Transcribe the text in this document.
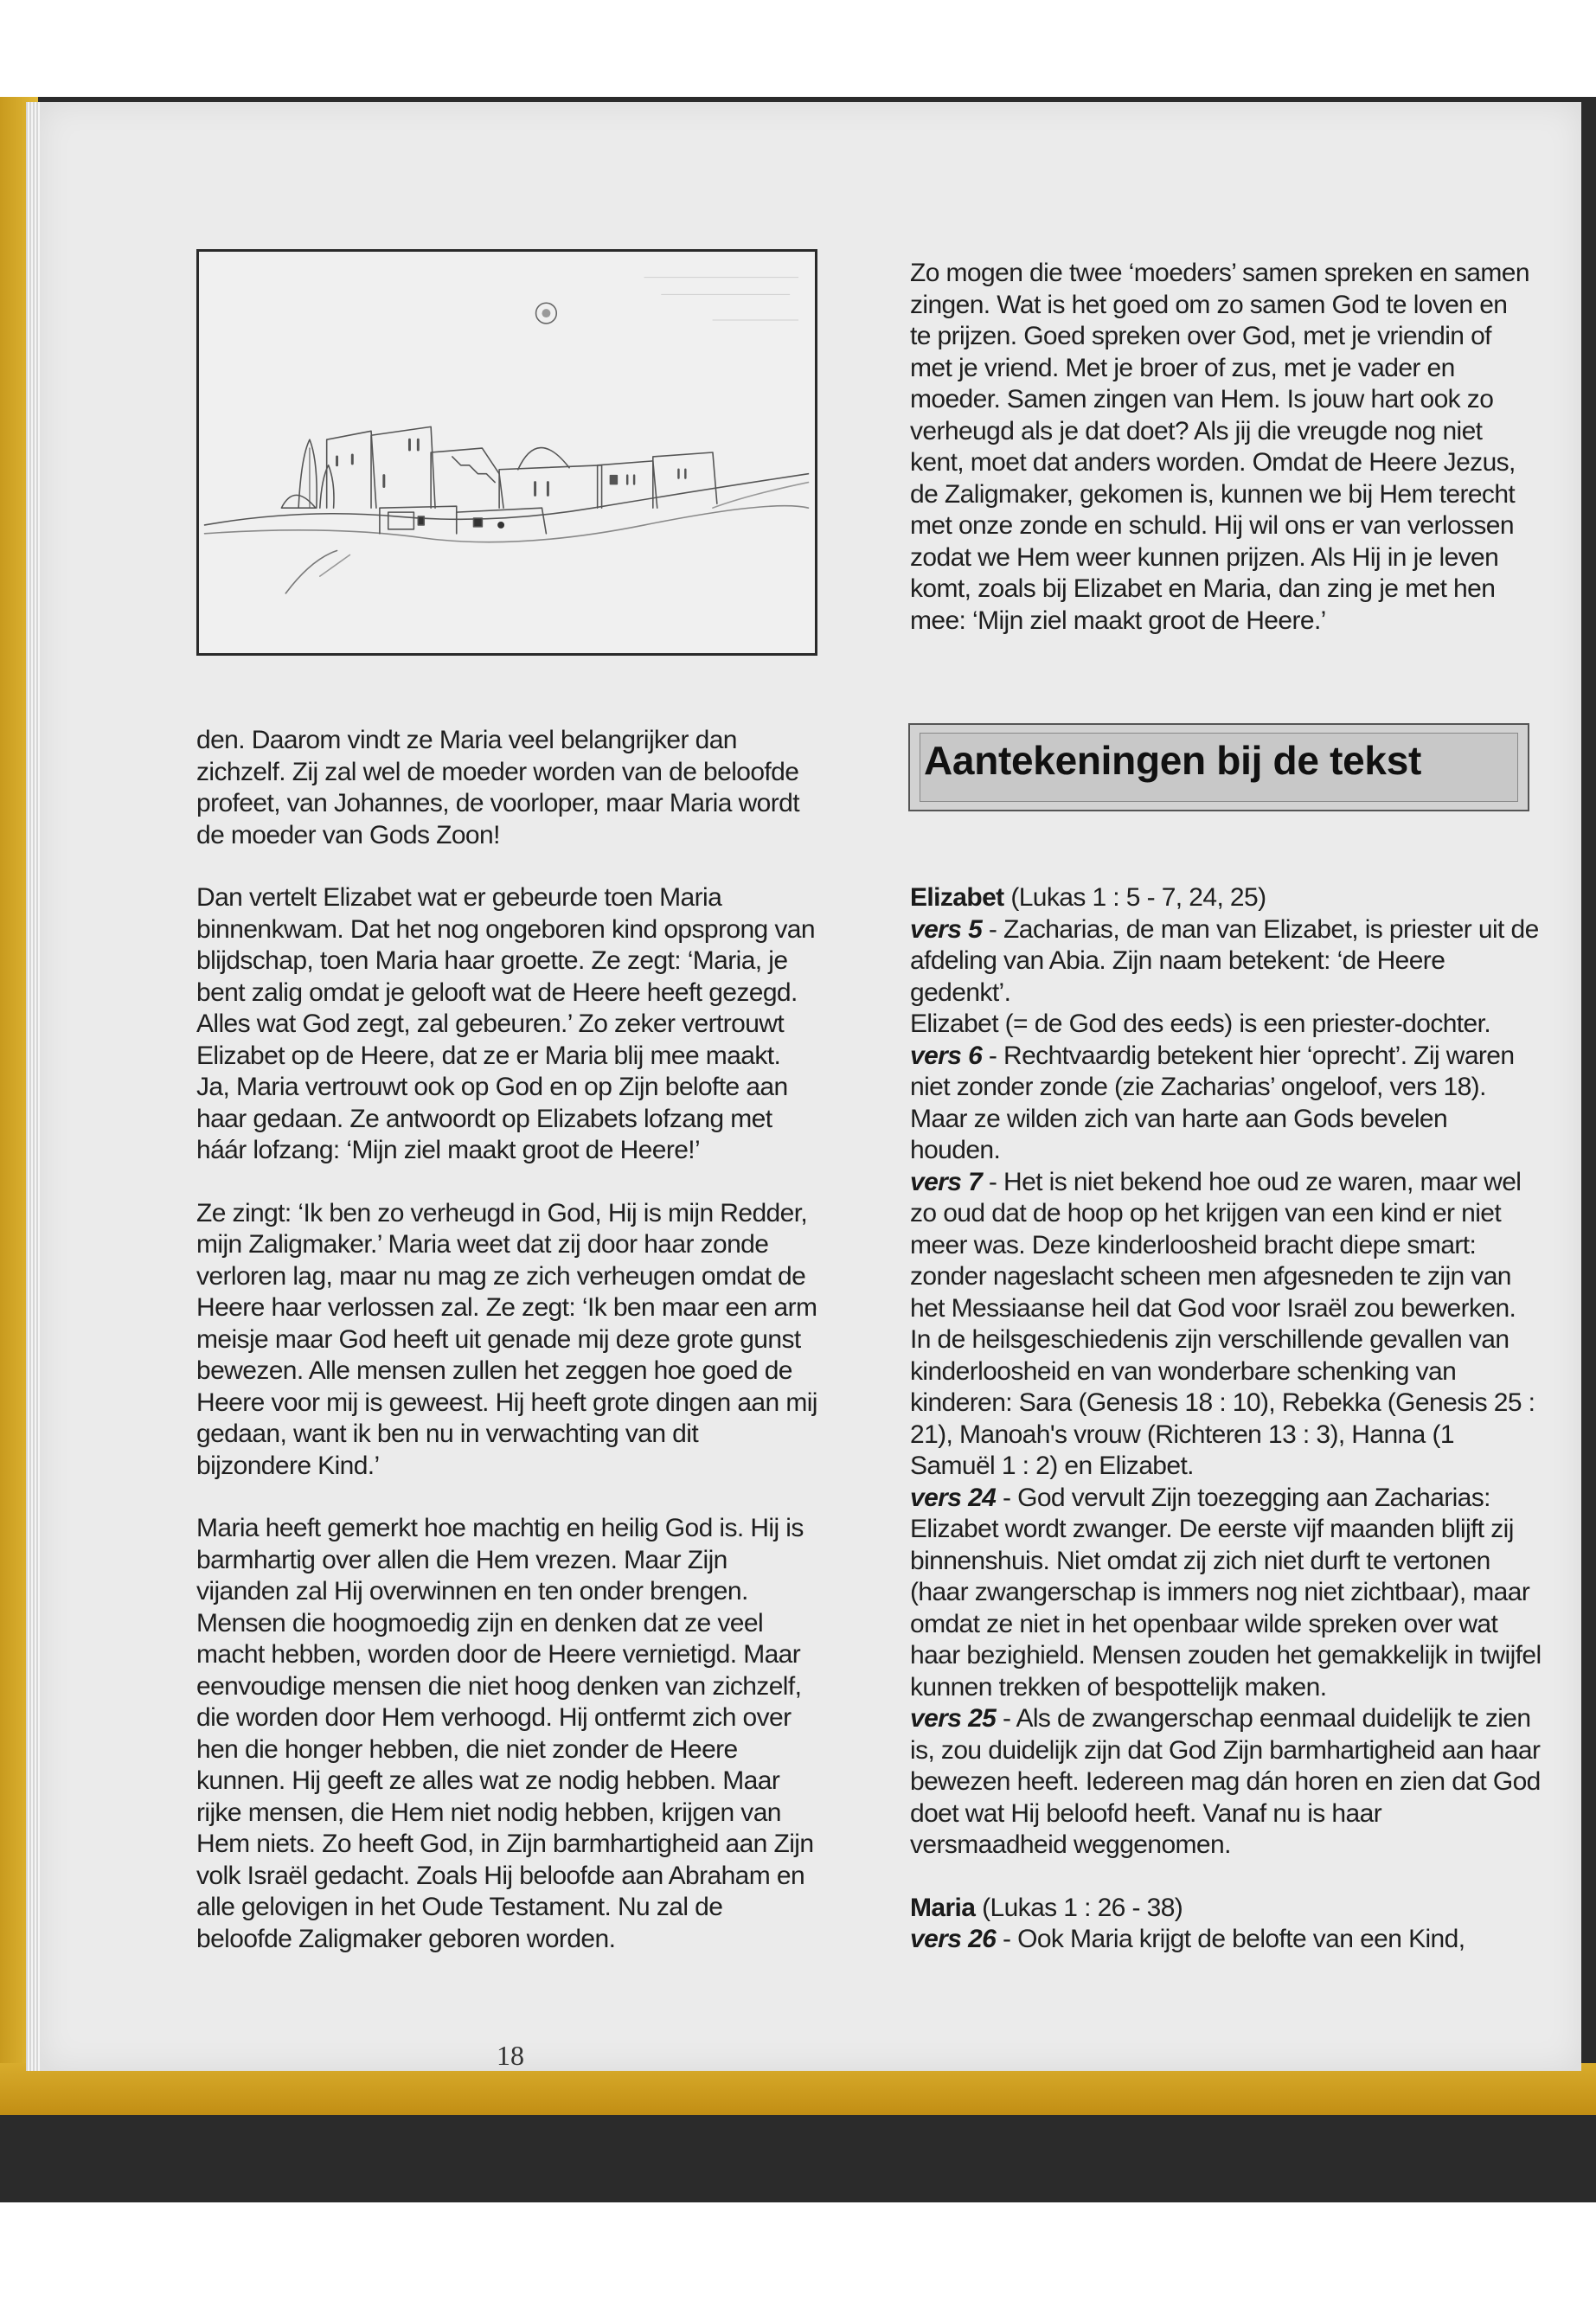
Zo mogen die twee ‘moeders’ samen spreken en samen zingen. Wat is het goed om zo samen God te loven en te prijzen. Goed spreken over God, met je vriendin of met je vriend. Met je broer of zus, met je vader en moeder. Samen zingen van Hem. Is jouw hart ook zo verheugd als je dat doet? Als jij die vreugde nog niet kent, moet dat anders worden. Omdat de Heere Jezus, de Zaligmaker, gekomen is, kunnen we bij Hem terecht met onze zonde en schuld. Hij wil ons er van verlossen zodat we Hem weer kunnen prijzen. Als Hij in je leven komt, zoals bij Elizabet en Maria, dan zing je met hen mee: ‘Mijn ziel maakt groot de Heere.’

Aantekeningen bij de tekst

den. Daarom vindt ze Maria veel belangrijker dan zichzelf. Zij zal wel de moeder worden van de beloofde profeet, van Johannes, de voorloper, maar Maria wordt de moeder van Gods Zoon!

Dan vertelt Elizabet wat er gebeurde toen Maria binnenkwam. Dat het nog ongeboren kind opsprong van blijdschap, toen Maria haar groette. Ze zegt: ‘Maria, je bent zalig omdat je gelooft wat de Heere heeft gezegd. Alles wat God zegt, zal gebeuren.’ Zo zeker vertrouwt Elizabet op de Heere, dat ze er Maria blij mee maakt. Ja, Maria vertrouwt ook op God en op Zijn belofte aan haar gedaan. Ze antwoordt op Elizabets lofzang met háár lofzang: ‘Mijn ziel maakt groot de Heere!’

Ze zingt: ‘Ik ben zo verheugd in God, Hij is mijn Redder, mijn Zaligmaker.’ Maria weet dat zij door haar zonde verloren lag, maar nu mag ze zich verheugen omdat de Heere haar verlossen zal. Ze zegt: ‘Ik ben maar een arm meisje maar God heeft uit genade mij deze grote gunst bewezen. Alle mensen zullen het zeggen hoe goed de Heere voor mij is geweest. Hij heeft grote dingen aan mij gedaan, want ik ben nu in verwachting van dit bijzondere Kind.’

Maria heeft gemerkt hoe machtig en heilig God is. Hij is barmhartig over allen die Hem vrezen. Maar Zijn vijanden zal Hij overwinnen en ten onder brengen. Mensen die hoogmoedig zijn en denken dat ze veel macht hebben, worden door de Heere vernietigd. Maar eenvoudige mensen die niet hoog denken van zichzelf, die worden door Hem verhoogd. Hij ontfermt zich over hen die honger hebben, die niet zonder de Heere kunnen. Hij geeft ze alles wat ze nodig hebben. Maar rijke mensen, die Hem niet nodig hebben, krijgen van Hem niets. Zo heeft God, in Zijn barmhartigheid aan Zijn volk Israël gedacht. Zoals Hij beloofde aan Abraham en alle gelovigen in het Oude Testament. Nu zal de beloofde Zaligmaker geboren worden.

Elizabet (Lukas 1 : 5 - 7, 24, 25)

vers 5 - Zacharias, de man van Elizabet, is priester uit de afdeling van Abia. Zijn naam betekent: ‘de Heere gedenkt’.

Elizabet (= de God des eeds) is een priester-dochter.

vers 6 - Rechtvaardig betekent hier ‘oprecht’. Zij waren niet zonder zonde (zie Zacharias’ ongeloof, vers 18). Maar ze wilden zich van harte aan Gods bevelen houden.

vers 7 - Het is niet bekend hoe oud ze waren, maar wel zo oud dat de hoop op het krijgen van een kind er niet meer was. Deze kinderloosheid bracht diepe smart: zonder nageslacht scheen men afgesneden te zijn van het Messiaanse heil dat God voor Israël zou bewerken. In de heilsgeschiedenis zijn verschillende gevallen van kinderloosheid en van wonderbare schenking van kinderen: Sara (Genesis 18 : 10), Rebekka (Genesis 25 : 21), Manoah's vrouw (Richteren 13 : 3), Hanna (1 Samuël 1 : 2) en Elizabet.

vers 24 - God vervult Zijn toezegging aan Zacharias: Elizabet wordt zwanger. De eerste vijf maanden blijft zij binnenshuis. Niet omdat zij zich niet durft te vertonen (haar zwangerschap is immers nog niet zichtbaar), maar omdat ze niet in het openbaar wilde spreken over wat haar bezighield. Mensen zouden het gemakkelijk in twijfel kunnen trekken of bespottelijk maken.

vers 25 - Als de zwangerschap eenmaal duidelijk te zien is, zou duidelijk zijn dat God Zijn barmhartigheid aan haar bewezen heeft. Iedereen mag dán horen en zien dat God doet wat Hij beloofd heeft. Vanaf nu is haar versmaadheid weggenomen.

Maria (Lukas 1 : 26 - 38)

vers 26 - Ook Maria krijgt de belofte van een Kind,

18
